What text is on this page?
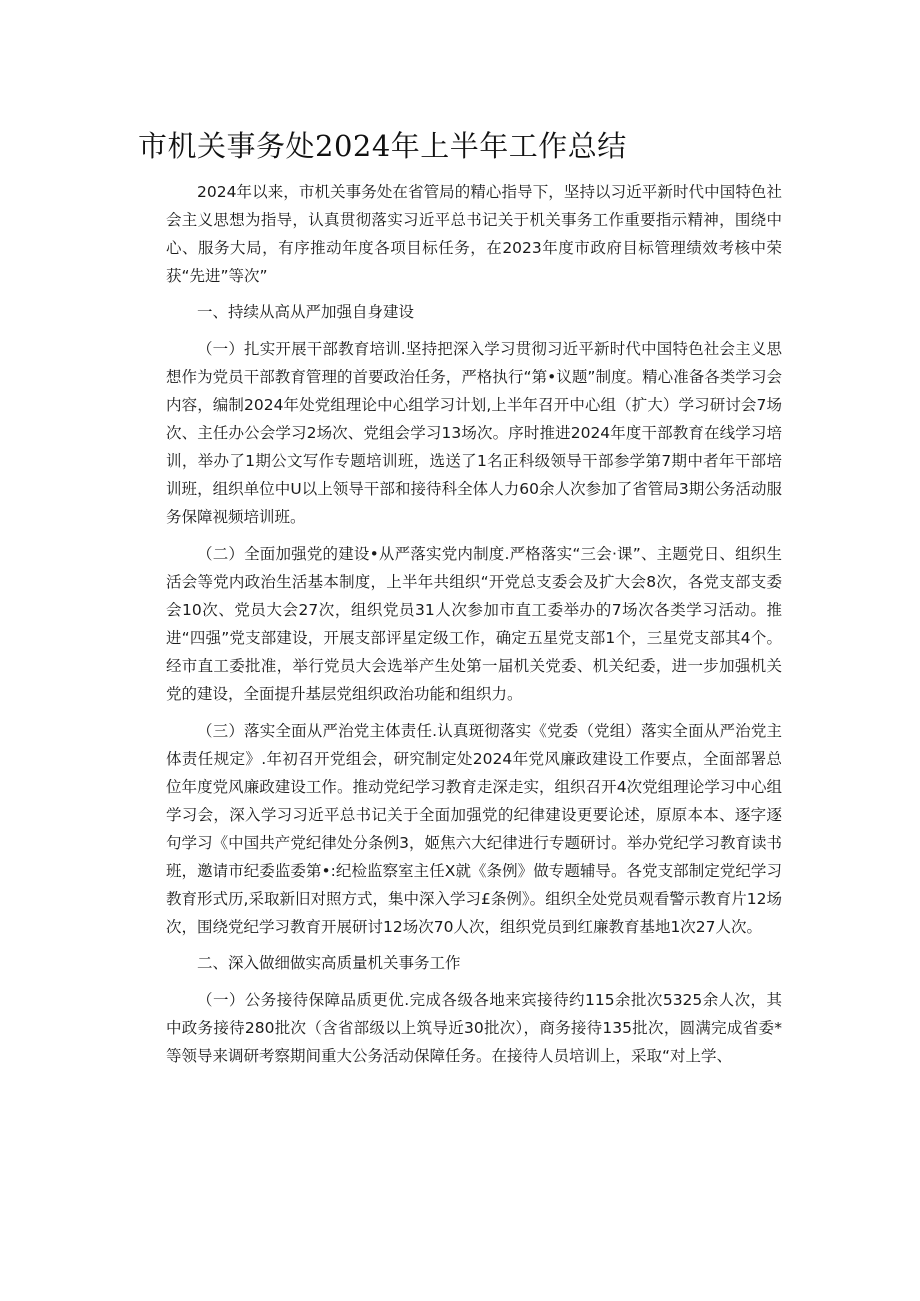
市机关事务处2024年上半年工作总结

2024年以来，市机关事务处在省管局的精心指导下，坚持以习近平新时代中国特色社会主义思想为指导，认真贯彻落实习近平总书记关于机关事务工作重要指示精神，围绕中心、服务大局，有序推动年度各项目标任务，在2023年度市政府目标管理绩效考核中荣获“先进”等次”

一、持续从高从严加强自身建设

（一）扎实开展干部教育培训.坚持把深入学习贯彻习近平新时代中国特色社会主义思想作为党员干部教育管理的首要政治任务，严格执行“第•议题”制度。精心准备各类学习会内容，编制2024年处党组理论中心组学习计划,上半年召开中心组（扩大）学习研讨会7场次、主任办公会学习2场次、党组会学习13场次。序时推进2024年度干部教育在线学习培训，举办了1期公文写作专题培训班，选送了1名正科级领导干部参学第7期中者年干部培训班，组织单位中U以上领导干部和接待科全体人力60余人次参加了省管局3期公务活动服务保障视频培训班。

（二）全面加强党的建设•从严落实党内制度.严格落实“三会·课”、主题党日、组织生活会等党内政治生活基本制度，上半年共组织“开党总支委会及扩大会8次，各党支部支委会10次、党员大会27次，组织党员31人次参加市直工委举办的7场次各类学习活动。推进“四强”党支部建设，开展支部评星定级工作，确定五星党支部1个，三星党支部其4个。经市直工委批准，举行党员大会选举产生处第一届机关党委、机关纪委，进一步加强机关党的建设，全面提升基层党组织政治功能和组织力。

（三）落实全面从严治党主体责任.认真斑彻落实《党委（党组）落实全面从严治党主体责任规定》.年初召开党组会，研究制定处2024年党风廉政建设工作要点，全面部署总位年度党风廉政建设工作。推动党纪学习教育走深走实，组织召开4次党组理论学习中心组学习会，深入学习习近平总书记关于全面加强党的纪律建设更要论述，原原本本、逐字逐句学习《中国共产党纪律处分条例3，姬焦六大纪律进行专题研讨。举办党纪学习教育读书班，邀请市纪委监委第•:纪检监察室主任X就《条例》做专题辅导。各党支部制定党纪学习教育形式历,采取新旧对照方式，集中深入学习£条例》。组织全处党员观看警示教育片12场次，围绕党纪学习教育开展研讨12场次70人次，组织党员到红廉教育基地1次27人次。

二、深入做细做实高质量机关事务工作

（一）公务接待保障品质更优.完成各级各地来宾接待约115余批次5325余人次，其中政务接待280批次（含省部级以上筑导近30批次），商务接待135批次，圆满完成省委*等领导来调研考察期间重大公务活动保障任务。在接待人员培训上，采取“对上学、
